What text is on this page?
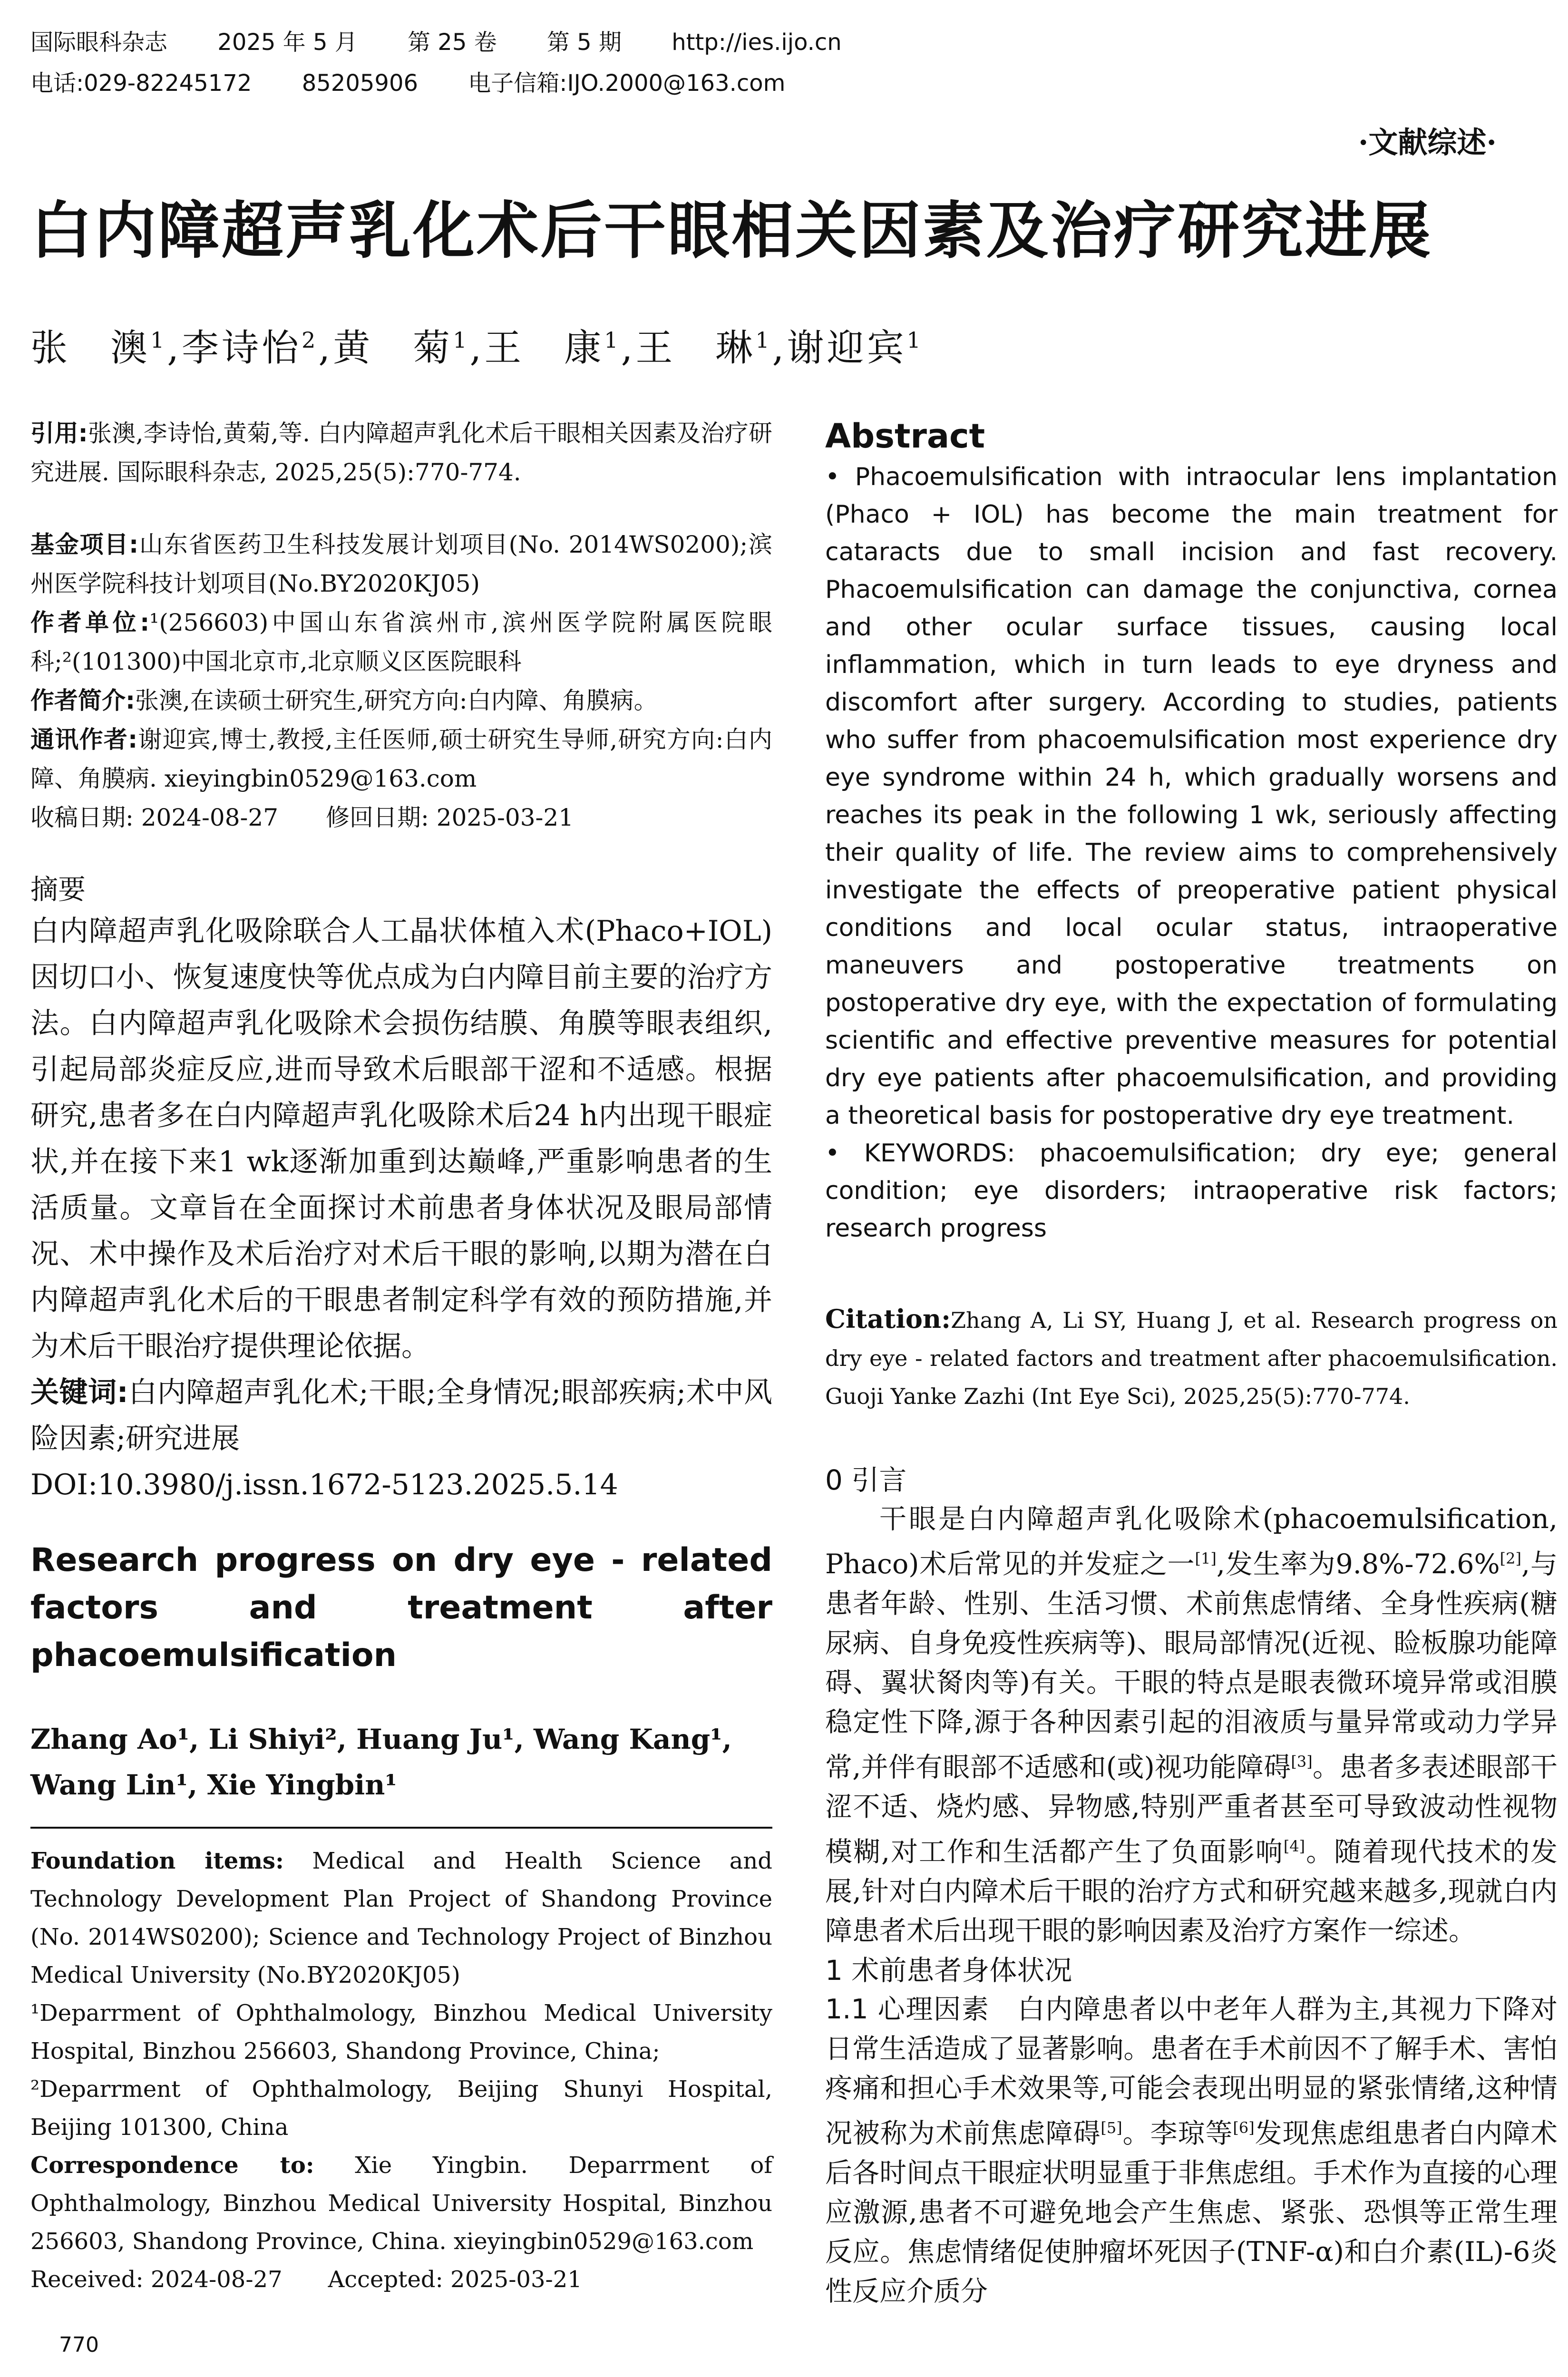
国际眼科杂志 2025 年 5 月 第 25 卷 第 5 期 http://ies.ijo.cn
电话:029-82245172 85205906 电子信箱:IJO.2000@163.com
·文献综述·
白内障超声乳化术后干眼相关因素及治疗研究进展
张　澳$^1$,李诗怡$^2$,黄　菊$^1$,王　康$^1$,王　琳$^1$,谢迎宾$^1$
引用:张澳,李诗怡,黄菊,等. 白内障超声乳化术后干眼相关因素及治疗研究进展. 国际眼科杂志, 2025,25(5):770-774.
基金项目:山东省医药卫生科技发展计划项目(No. 2014WS0200);滨州医学院科技计划项目(No.BY2020KJ05)
作者单位:¹(256603)中国山东省滨州市,滨州医学院附属医院眼科;²(101300)中国北京市,北京顺义区医院眼科
作者简介:张澳,在读硕士研究生,研究方向:白内障、角膜病。
通讯作者:谢迎宾,博士,教授,主任医师,硕士研究生导师,研究方向:白内障、角膜病. xieyingbin0529@163.com
收稿日期: 2024-08-27　　修回日期: 2025-03-21
摘要
白内障超声乳化吸除联合人工晶状体植入术(Phaco+IOL)因切口小、恢复速度快等优点成为白内障目前主要的治疗方法。白内障超声乳化吸除术会损伤结膜、角膜等眼表组织,引起局部炎症反应,进而导致术后眼部干涩和不适感。根据研究,患者多在白内障超声乳化吸除术后24 h内出现干眼症状,并在接下来1 wk逐渐加重到达巅峰,严重影响患者的生活质量。文章旨在全面探讨术前患者身体状况及眼局部情况、术中操作及术后治疗对术后干眼的影响,以期为潜在白内障超声乳化术后的干眼患者制定科学有效的预防措施,并为术后干眼治疗提供理论依据。
关键词:白内障超声乳化术;干眼;全身情况;眼部疾病;术中风险因素;研究进展
DOI:10.3980/j.issn.1672-5123.2025.5.14
Research progress on dry eye - related factors and treatment after phacoemulsification
Zhang Ao¹, Li Shiyi², Huang Ju¹, Wang Kang¹, Wang Lin¹, Xie Yingbin¹
Foundation items: Medical and Health Science and Technology Development Plan Project of Shandong Province (No. 2014WS0200); Science and Technology Project of Binzhou Medical University (No.BY2020KJ05)
¹Deparrment of Ophthalmology, Binzhou Medical University Hospital, Binzhou 256603, Shandong Province, China;
²Deparrment of Ophthalmology, Beijing Shunyi Hospital, Beijing 101300, China
Correspondence to: Xie Yingbin. Deparrment of Ophthalmology, Binzhou Medical University Hospital, Binzhou 256603, Shandong Province, China. xieyingbin0529@163.com
Received: 2024-08-27　　Accepted: 2025-03-21
Abstract
• Phacoemulsification with intraocular lens implantation (Phaco + IOL) has become the main treatment for cataracts due to small incision and fast recovery. Phacoemulsification can damage the conjunctiva, cornea and other ocular surface tissues, causing local inflammation, which in turn leads to eye dryness and discomfort after surgery. According to studies, patients who suffer from phacoemulsification most experience dry eye syndrome within 24 h, which gradually worsens and reaches its peak in the following 1 wk, seriously affecting their quality of life. The review aims to comprehensively investigate the effects of preoperative patient physical conditions and local ocular status, intraoperative maneuvers and postoperative treatments on postoperative dry eye, with the expectation of formulating scientific and effective preventive measures for potential dry eye patients after phacoemulsification, and providing a theoretical basis for postoperative dry eye treatment.
• KEYWORDS: phacoemulsification; dry eye; general condition; eye disorders; intraoperative risk factors; research progress
Citation:Zhang A, Li SY, Huang J, et al. Research progress on dry eye - related factors and treatment after phacoemulsification. Guoji Yanke Zazhi (Int Eye Sci), 2025,25(5):770-774.
0 引言
干眼是白内障超声乳化吸除术(phacoemulsification, Phaco)术后常见的并发症之一[1],发生率为9.8%-72.6%[2],与患者年龄、性别、生活习惯、术前焦虑情绪、全身性疾病(糖尿病、自身免疫性疾病等)、眼局部情况(近视、睑板腺功能障碍、翼状胬肉等)有关。干眼的特点是眼表微环境异常或泪膜稳定性下降,源于各种因素引起的泪液质与量异常或动力学异常,并伴有眼部不适感和(或)视功能障碍[3]。患者多表述眼部干涩不适、烧灼感、异物感,特别严重者甚至可导致波动性视物模糊,对工作和生活都产生了负面影响[4]。随着现代技术的发展,针对白内障术后干眼的治疗方式和研究越来越多,现就白内障患者术后出现干眼的影响因素及治疗方案作一综述。
1 术前患者身体状况
1.1 心理因素　 白内障患者以中老年人群为主,其视力下降对日常生活造成了显著影响。患者在手术前因不了解手术、害怕疼痛和担心手术效果等,可能会表现出明显的紧张情绪,这种情况被称为术前焦虑障碍[5]。李琼等[6]发现焦虑组患者白内障术后各时间点干眼症状明显重于非焦虑组。手术作为直接的心理应激源,患者不可避免地会产生焦虑、紧张、恐惧等正常生理反应。焦虑情绪促使肿瘤坏死因子(TNF-α)和白介素(IL)-6炎性反应介质分
770
